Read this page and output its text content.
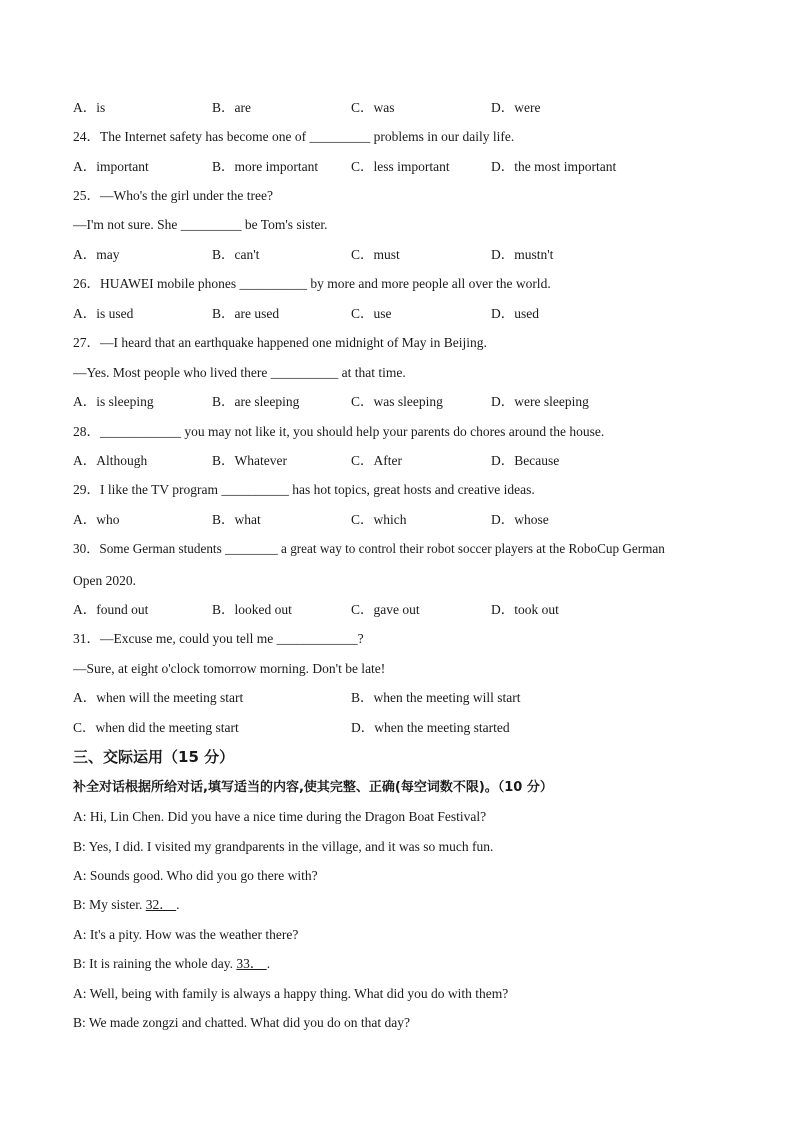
A．is	B．are	C．was	D．were
24．The Internet safety has become one of _________ problems in our daily life.
A．important	B．more important C．less important	D．the most important
25．—Who's the girl under the tree?
—I'm not sure. She _________ be Tom's sister.
A．may	B．can't	C．must	D．mustn't
26．HUAWEI mobile phones __________ by more and more people all over the world.
A．is used	B．are used	C．use	D．used
27．—I heard that an earthquake happened one midnight of May in Beijing.
—Yes. Most people who lived there __________ at that time.
A．is sleeping	B．are sleeping	C．was sleeping	D．were sleeping
28．____________ you may not like it, you should help your parents do chores around the house.
A．Although	B．Whatever	C．After	D．Because
29．I like the TV program __________ has hot topics, great hosts and creative ideas.
A．who	B．what	C．which	D．whose
30．Some German students ________ a great way to control their robot soccer players at the RoboCup German
Open 2020.
A．found out	B．looked out	C．gave out	D．took out
31．—Excuse me, could you tell me ____________?
—Sure, at eight o'clock tomorrow morning. Don't be late!
A．when will the meeting start	B．when the meeting will start
C．when did the meeting start	D．when the meeting started
三、交际运用（15 分）
补全对话根据所给对话,填写适当的内容,使其完整、正确(每空词数不限)。（10 分）
A: Hi, Lin Chen. Did you have a nice time during the Dragon Boat Festival?
B: Yes, I did. I visited my grandparents in the village, and it was so much fun.
A: Sounds good. Who did you go there with?
B: My sister. 32． .
A: It's a pity. How was the weather there?
B: It is raining the whole day. 33． .
A: Well, being with family is always a happy thing. What did you do with them?
B: We made zongzi and chatted. What did you do on that day?
